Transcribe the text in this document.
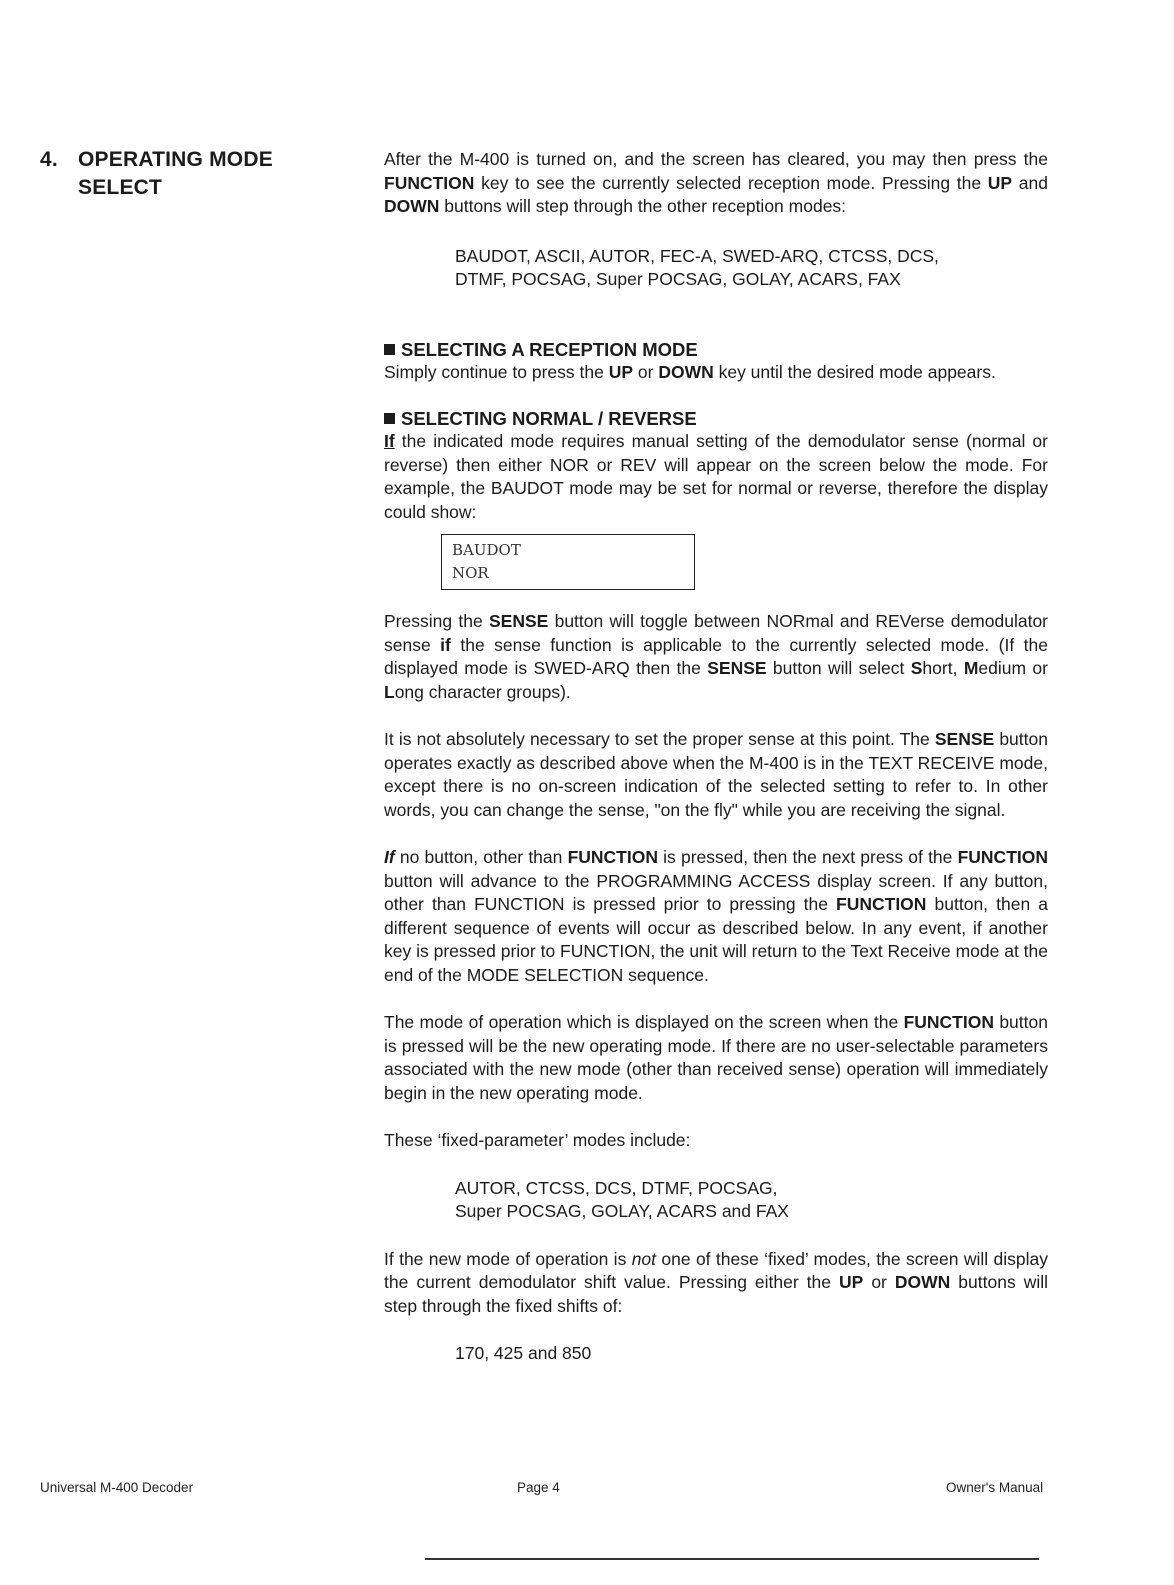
4. OPERATING MODE
SELECT

After the M-400 is turned on, and the screen has cleared, you may then press the FUNCTION key to see the currently selected reception mode. Pressing the UP and DOWN buttons will step through the other reception modes:

BAUDOT, ASCII, AUTOR, FEC-A, SWED-ARQ, CTCSS, DCS,
DTMF, POCSAG, Super POCSAG, GOLAY, ACARS, FAX
SELECTING A RECEPTION MODE

Simply continue to press the UP or DOWN key until the desired mode appears.

SELECTING NORMAL / REVERSE

If the indicated mode requires manual setting of the demodulator sense (normal or reverse) then either NOR or REV will appear on the screen below the mode. For example, the BAUDOT mode may be set for normal or reverse, therefore the display could show:

BAUDOT
NOR

Pressing the SENSE button will toggle between NORmal and REVerse demodulator sense if the sense function is applicable to the currently selected mode. (If the displayed mode is SWED-ARQ then the SENSE button will select Short, Medium or Long character groups).

It is not absolutely necessary to set the proper sense at this point. The SENSE button operates exactly as described above when the M-400 is in the TEXT RECEIVE mode, except there is no on-screen indication of the selected setting to refer to. In other words, you can change the sense, "on the fly" while you are receiving the signal.

If no button, other than FUNCTION is pressed, then the next press of the FUNCTION button will advance to the PROGRAMMING ACCESS display screen. If any button, other than FUNCTION is pressed prior to pressing the FUNCTION button, then a different sequence of events will occur as described below. In any event, if another key is pressed prior to FUNCTION, the unit will return to the Text Receive mode at the end of the MODE SELECTION sequence.

The mode of operation which is displayed on the screen when the FUNCTION button is pressed will be the new operating mode. If there are no user-selectable parameters associated with the new mode (other than received sense) operation will immediately begin in the new operating mode.

These ‘fixed-parameter’ modes include:

AUTOR, CTCSS, DCS, DTMF, POCSAG,
Super POCSAG, GOLAY, ACARS and FAX

If the new mode of operation is not one of these ‘fixed’ modes, the screen will display the current demodulator shift value. Pressing either the UP or DOWN buttons will step through the fixed shifts of:

170, 425 and 850
Universal M-400 Decoder	Page 4	Owner's Manual
